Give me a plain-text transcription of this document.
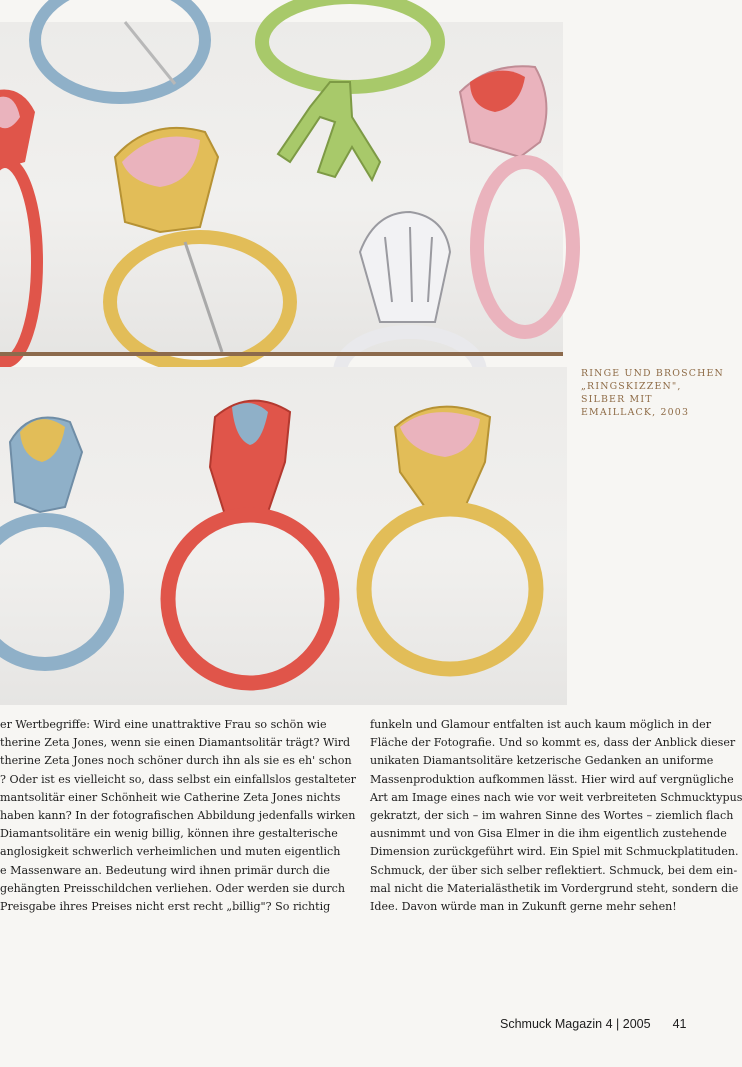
RINGE UND BROSCHEN
„RINGSKIZZEN",
SILBER MIT
EMAILLACK, 2003
er Wertbegriffe: Wird eine unattraktive Frau so schön wie
therine Zeta Jones, wenn sie einen Diamantsolitär trägt? Wird
therine Zeta Jones noch schöner durch ihn als sie es eh' schon
? Oder ist es vielleicht so, dass selbst ein einfallslos gestalteter
mantsolitär einer Schönheit wie Catherine Zeta Jones nichts
haben kann? In der fotografischen Abbildung jedenfalls wirken
Diamantsolitäre ein wenig billig, können ihre gestalterische
anglosigkeit schwerlich verheimlichen und muten eigentlich
e Massenware an. Bedeutung wird ihnen primär durch die
gehängten Preisschildchen verliehen. Oder werden sie durch
Preisgabe ihres Preises nicht erst recht „billig"? So richtig
funkeln und Glamour entfalten ist auch kaum möglich in der
Fläche der Fotografie. Und so kommt es, dass der Anblick dieser
unikaten Diamantsolitäre ketzerische Gedanken an uniforme
Massenproduktion aufkommen lässt. Hier wird auf vergnügliche
Art am Image eines nach wie vor weit verbreiteten Schmucktypus
gekratzt, der sich – im wahren Sinne des Wortes – ziemlich flach
ausnimmt und von Gisa Elmer in die ihm eigentlich zustehende
Dimension zurückgeführt wird. Ein Spiel mit Schmuckplatituden.
Schmuck, der über sich selber reflektiert. Schmuck, bei dem ein-
mal nicht die Materialästhetik im Vordergrund steht, sondern die
Idee. Davon würde man in Zukunft gerne mehr sehen!
Schmuck Magazin 4 | 2005 41
